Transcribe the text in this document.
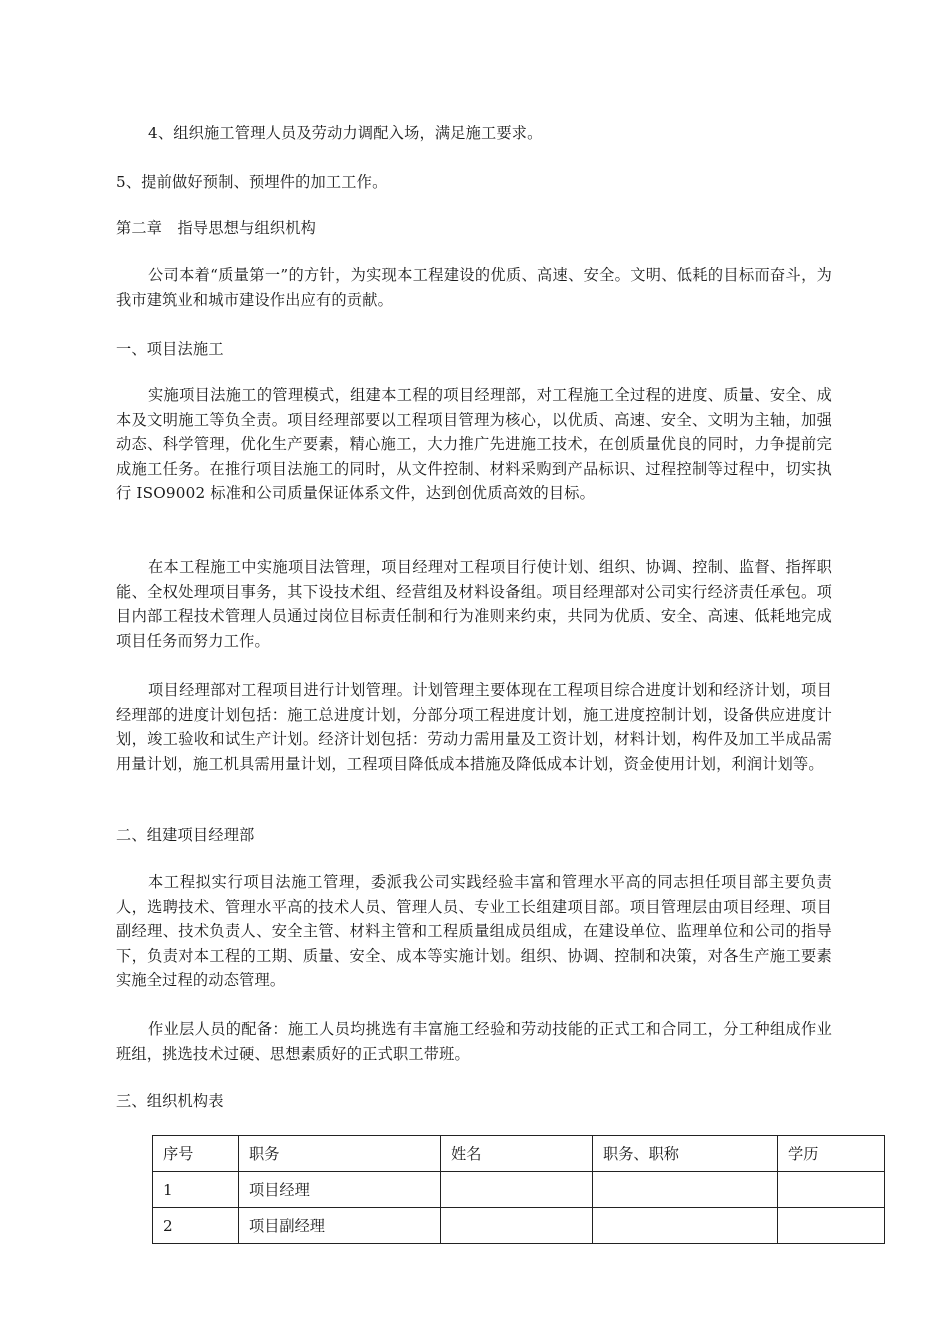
4、组织施工管理人员及劳动力调配入场，满足施工要求。
5、提前做好预制、预埋件的加工工作。
第二章　指导思想与组织机构
公司本着“质量第一”的方针，为实现本工程建设的优质、高速、安全。文明、低耗的目标而奋斗，为我市建筑业和城市建设作出应有的贡献。
一、项目法施工
实施项目法施工的管理模式，组建本工程的项目经理部，对工程施工全过程的进度、质量、安全、成本及文明施工等负全责。项目经理部要以工程项目管理为核心，以优质、高速、安全、文明为主轴，加强动态、科学管理，优化生产要素，精心施工，大力推广先进施工技术，在创质量优良的同时，力争提前完成施工任务。在推行项目法施工的同时，从文件控制、材料采购到产品标识、过程控制等过程中，切实执行 ISO9002 标准和公司质量保证体系文件，达到创优质高效的目标。
在本工程施工中实施项目法管理，项目经理对工程项目行使计划、组织、协调、控制、监督、指挥职能、全权处理项目事务，其下设技术组、经营组及材料设备组。项目经理部对公司实行经济责任承包。项目内部工程技术管理人员通过岗位目标责任制和行为准则来约束，共同为优质、安全、高速、低耗地完成项目任务而努力工作。
项目经理部对工程项目进行计划管理。计划管理主要体现在工程项目综合进度计划和经济计划，项目经理部的进度计划包括：施工总进度计划，分部分项工程进度计划，施工进度控制计划，设备供应进度计划，竣工验收和试生产计划。经济计划包括：劳动力需用量及工资计划，材料计划，构件及加工半成品需用量计划，施工机具需用量计划，工程项目降低成本措施及降低成本计划，资金使用计划，利润计划等。
二、组建项目经理部
本工程拟实行项目法施工管理，委派我公司实践经验丰富和管理水平高的同志担任项目部主要负责人，选聘技术、管理水平高的技术人员、管理人员、专业工长组建项目部。项目管理层由项目经理、项目副经理、技术负责人、安全主管、材料主管和工程质量组成员组成，在建设单位、监理单位和公司的指导下，负责对本工程的工期、质量、安全、成本等实施计划。组织、协调、控制和决策，对各生产施工要素实施全过程的动态管理。
作业层人员的配备：施工人员均挑选有丰富施工经验和劳动技能的正式工和合同工，分工种组成作业班组，挑选技术过硬、思想素质好的正式职工带班。
三、组织机构表
序号	职务	姓名	职务、职称	学历
1	项目经理			
2	项目副经理			
